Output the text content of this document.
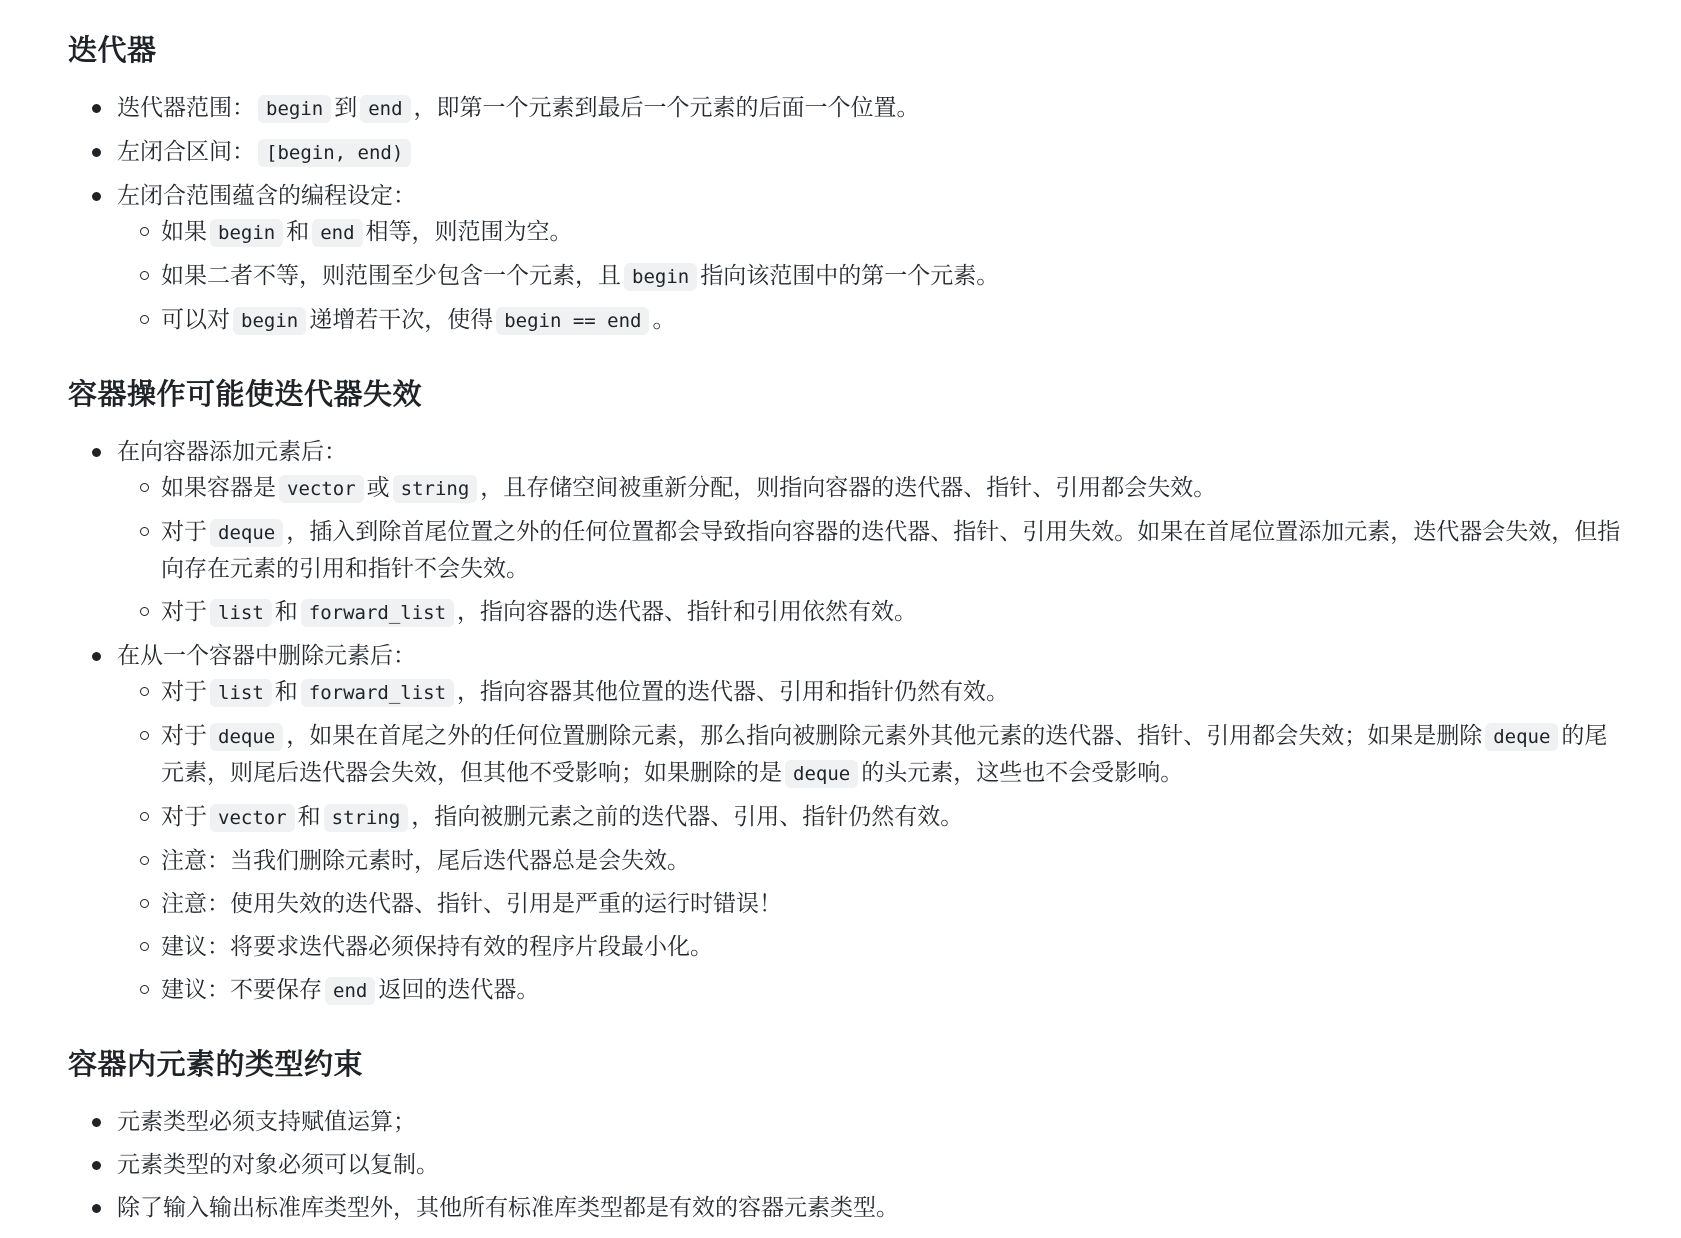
迭代器
迭代器范围： begin 到 end ，即第一个元素到最后一个元素的后面一个位置。
左闭合区间： [begin, end)
左闭合范围蕴含的编程设定：
如果 begin 和 end 相等，则范围为空。
如果二者不等，则范围至少包含一个元素，且 begin 指向该范围中的第一个元素。
可以对 begin 递增若干次，使得 begin == end 。
容器操作可能使迭代器失效
在向容器添加元素后：
如果容器是 vector 或 string ，且存储空间被重新分配，则指向容器的迭代器、指针、引用都会失效。
对于 deque ，插入到除首尾位置之外的任何位置都会导致指向容器的迭代器、指针、引用失效。如果在首尾位置添加元素，迭代器会失效，但指向存在元素的引用和指针不会失效。
对于 list 和 forward_list ，指向容器的迭代器、指针和引用依然有效。
在从一个容器中删除元素后：
对于 list 和 forward_list ，指向容器其他位置的迭代器、引用和指针仍然有效。
对于 deque ，如果在首尾之外的任何位置删除元素，那么指向被删除元素外其他元素的迭代器、指针、引用都会失效；如果是删除 deque 的尾元素，则尾后迭代器会失效，但其他不受影响；如果删除的是 deque 的头元素，这些也不会受影响。
对于 vector 和 string ，指向被删元素之前的迭代器、引用、指针仍然有效。
注意：当我们删除元素时，尾后迭代器总是会失效。
注意：使用失效的迭代器、指针、引用是严重的运行时错误！
建议：将要求迭代器必须保持有效的程序片段最小化。
建议：不要保存 end 返回的迭代器。
容器内元素的类型约束
元素类型必须支持赋值运算；
元素类型的对象必须可以复制。
除了输入输出标准库类型外，其他所有标准库类型都是有效的容器元素类型。
